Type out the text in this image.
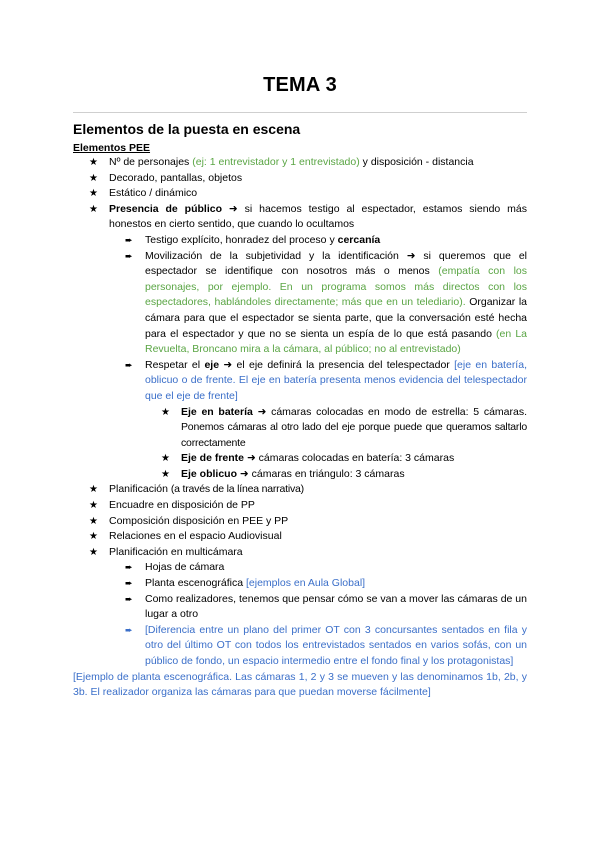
TEMA 3
Elementos de la puesta en escena
Elementos PEE
★ Nº de personajes (ej: 1 entrevistador y 1 entrevistado) y disposición - distancia
★ Decorado, pantallas, objetos
★ Estático / dinámico
★ Presencia de público ➜ si hacemos testigo al espectador, estamos siendo más honestos en cierto sentido, que cuando lo ocultamos
➨ Testigo explícito, honradez del proceso y cercanía
➨ Movilización de la subjetividad y la identificación ➜ si queremos que el espectador se identifique con nosotros más o menos (empatía con los personajes, por ejemplo. En un programa somos más directos con los espectadores, hablándoles directamente; más que en un telediario). Organizar la cámara para que el espectador se sienta parte, que la conversación esté hecha para el espectador y que no se sienta un espía de lo que está pasando (en La Revuelta, Broncano mira a la cámara, al público; no al entrevistado)
➨ Respetar el eje ➜ el eje definirá la presencia del telespectador [eje en batería, oblicuo o de frente. El eje en batería presenta menos evidencia del telespectador que el eje de frente]
★ Eje en batería ➜ cámaras colocadas en modo de estrella: 5 cámaras. Ponemos cámaras al otro lado del eje porque puede que queramos saltarlo correctamente
★ Eje de frente ➜ cámaras colocadas en batería: 3 cámaras
★ Eje oblicuo ➜ cámaras en triángulo: 3 cámaras
★ Planificación (a través de la línea narrativa)
★ Encuadre en disposición de PP
★ Composición disposición en PEE y PP
★ Relaciones en el espacio Audiovisual
★ Planificación en multicámara
➨ Hojas de cámara
➨ Planta escenográfica [ejemplos en Aula Global]
➨ Como realizadores, tenemos que pensar cómo se van a mover las cámaras de un lugar a otro
➨ [Diferencia entre un plano del primer OT con 3 concursantes sentados en fila y otro del último OT con todos los entrevistados sentados en varios sofás, con un público de fondo, un espacio intermedio entre el fondo final y los protagonistas]
[Ejemplo de planta escenográfica. Las cámaras 1, 2 y 3 se mueven y las denominamos 1b, 2b, y 3b. El realizador organiza las cámaras para que puedan moverse fácilmente]
